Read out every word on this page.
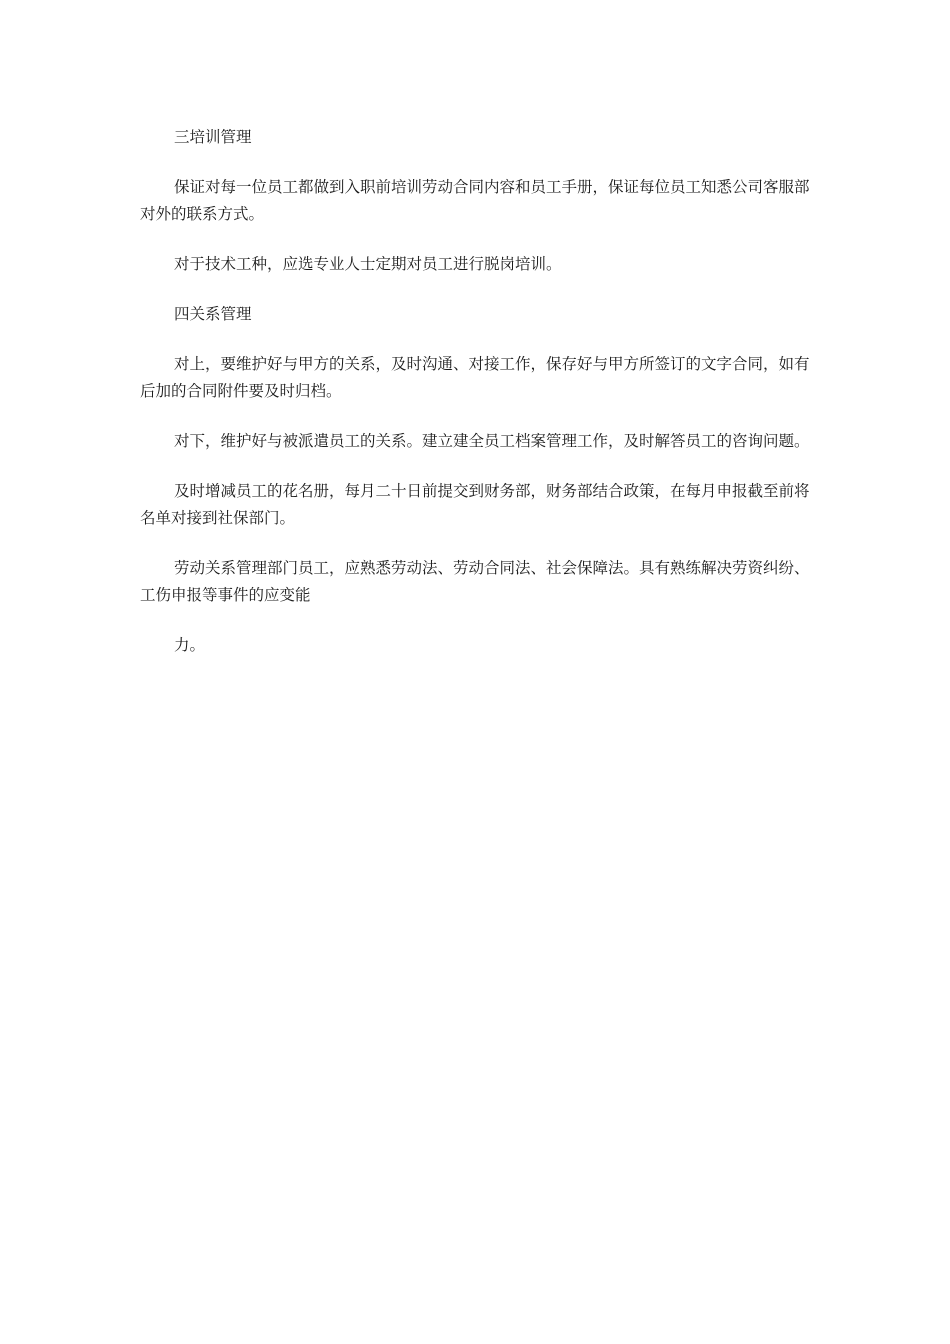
三培训管理

保证对每一位员工都做到入职前培训劳动合同内容和员工手册，保证每位员工知悉公司客服部对外的联系方式。

对于技术工种，应选专业人士定期对员工进行脱岗培训。

四关系管理

对上，要维护好与甲方的关系，及时沟通、对接工作，保存好与甲方所签订的文字合同，如有后加的合同附件要及时归档。

对下，维护好与被派遣员工的关系。建立建全员工档案管理工作，及时解答员工的咨询问题。

及时增减员工的花名册，每月二十日前提交到财务部，财务部结合政策，在每月申报截至前将名单对接到社保部门。

劳动关系管理部门员工，应熟悉劳动法、劳动合同法、社会保障法。具有熟练解决劳资纠纷、工伤申报等事件的应变能

力。
